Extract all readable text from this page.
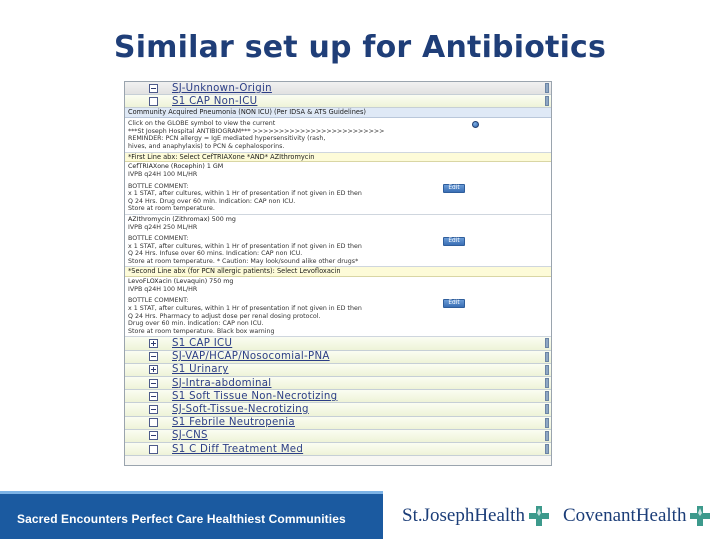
Similar set up for Antibiotics
SJ-Unknown-Origin
S1 CAP Non-ICU
Community Acquired Pneumonia (NON ICU) (Per IDSA & ATS Guidelines)
Click on the GLOBE symbol to view the current
***St Joseph Hospital ANTIBIOGRAM*** >>>>>>>>>>>>>>>>>>>>>>>>>
REMINDER: PCN allergy = IgE mediated hypersensitivity (rash,
hives, and anaphylaxis) to PCN & cephalosporins.
*First Line abx: Select CefTRIAXone *AND* AZIthromycin
CefTRIAXone (Rocephin) 1 GM
IVPB q24H 100 ML/HR
BOTTLE COMMENT:
x 1 STAT, after cultures, within 1 Hr of presentation if not given in ED then
Q 24 Hrs. Drug over 60 min. Indication: CAP non ICU.
Store at room temperature.
Edit
AZIthromycin (Zithromax) 500 mg
IVPB q24H 250 ML/HR
BOTTLE COMMENT:
x 1 STAT, after cultures, within 1 Hr of presentation if not given in ED then
Q 24 Hrs. Infuse over 60 mins. Indication: CAP non ICU.
Store at room temperature. * Caution: May look/sound alike other drugs*
Edit
*Second Line abx (for PCN allergic patients): Select Levofloxacin
LevoFLOXacin (Levaquin) 750 mg
IVPB q24H 100 ML/HR
BOTTLE COMMENT:
x 1 STAT, after cultures, within 1 Hr of presentation if not given in ED then
Q 24 Hrs. Pharmacy to adjust dose per renal dosing protocol.
Drug over 60 min. Indication: CAP non ICU.
Store at room temperature. Black box warning
Edit
S1 CAP ICU
SJ-VAP/HCAP/Nosocomial-PNA
S1 Urinary
SJ-Intra-abdominal
S1 Soft Tissue Non-Necrotizing
SJ-Soft-Tissue-Necrotizing
S1 Febrile Neutropenia
SJ-CNS
S1 C Diff Treatment Med
Sacred Encounters Perfect Care Healthiest Communities	St.JosephHealth CovenantHealth
